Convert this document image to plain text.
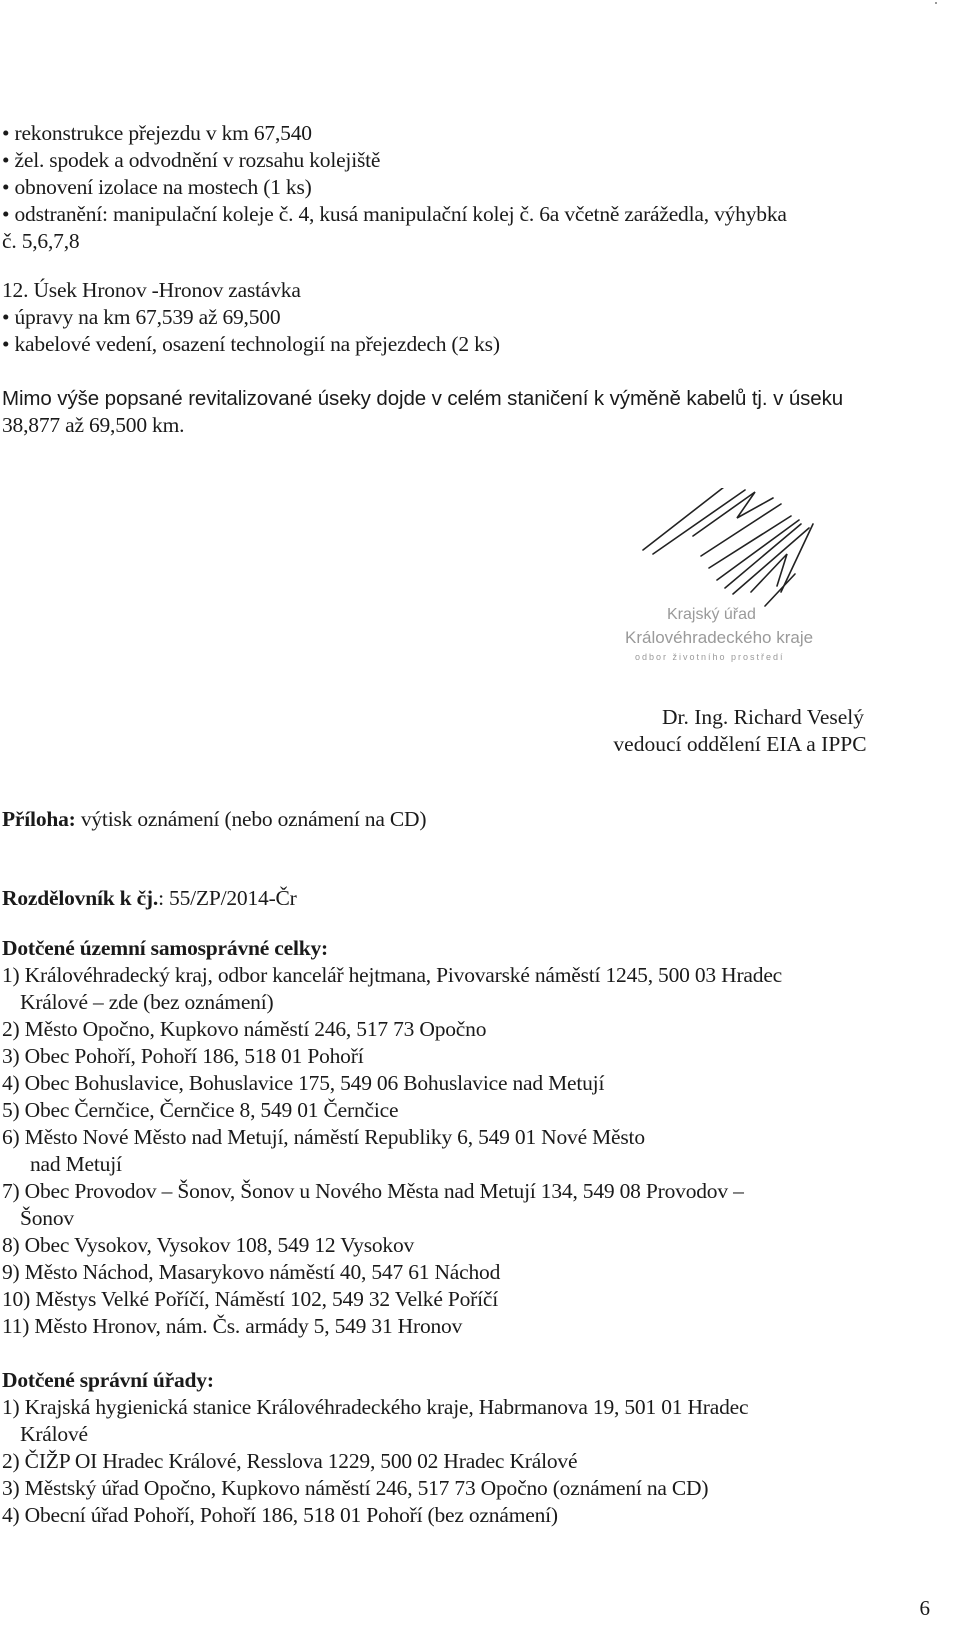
• rekonstrukce přejezdu v km 67,540
• žel. spodek a odvodnění v rozsahu kolejiště
• obnovení izolace na mostech (1 ks)
• odstranění: manipulační koleje č. 4, kusá manipulační kolej č. 6a včetně zarážedla, výhybka
č. 5,6,7,8
12. Úsek Hronov -Hronov zastávka
• úpravy na km 67,539 až 69,500
• kabelové vedení, osazení technologií na přejezdech (2 ks)
Mimo výše popsané revitalizované úseky dojde v celém staničení k výměně kabelů tj. v úseku
38,877 až 69,500 km.
Krajský úřad
Královéhradeckého kraje
odbor životního prostředí
Dr. Ing. Richard Veselý
vedoucí oddělení EIA a IPPC
Příloha: výtisk oznámení (nebo oznámení na CD)
Rozdělovník k čj.: 55/ZP/2014-Čr
Dotčené územní samosprávné celky:
1) Královéhradecký kraj, odbor kancelář hejtmana, Pivovarské náměstí 1245, 500 03 Hradec
Králové – zde (bez oznámení)
2) Město Opočno, Kupkovo náměstí 246, 517 73 Opočno
3) Obec Pohoří, Pohoří 186, 518 01 Pohoří
4) Obec Bohuslavice, Bohuslavice 175, 549 06 Bohuslavice nad Metují
5) Obec Černčice, Černčice 8, 549 01 Černčice
6) Město Nové Město nad Metují, náměstí Republiky 6, 549 01 Nové Město
nad Metují
7) Obec Provodov – Šonov, Šonov u Nového Města nad Metují 134, 549 08 Provodov –
Šonov
8) Obec Vysokov, Vysokov 108, 549 12 Vysokov
9) Město Náchod, Masarykovo náměstí 40, 547 61 Náchod
10) Městys Velké Poříčí, Náměstí 102, 549 32 Velké Poříčí
11) Město Hronov, nám. Čs. armády 5, 549 31 Hronov
Dotčené správní úřady:
1) Krajská hygienická stanice Královéhradeckého kraje, Habrmanova 19, 501 01 Hradec
Králové
2) ČIŽP OI Hradec Králové, Resslova 1229, 500 02 Hradec Králové
3) Městský úřad Opočno, Kupkovo náměstí 246, 517 73 Opočno (oznámení na CD)
4) Obecní úřad Pohoří, Pohoří 186, 518 01 Pohoří (bez oznámení)
6
